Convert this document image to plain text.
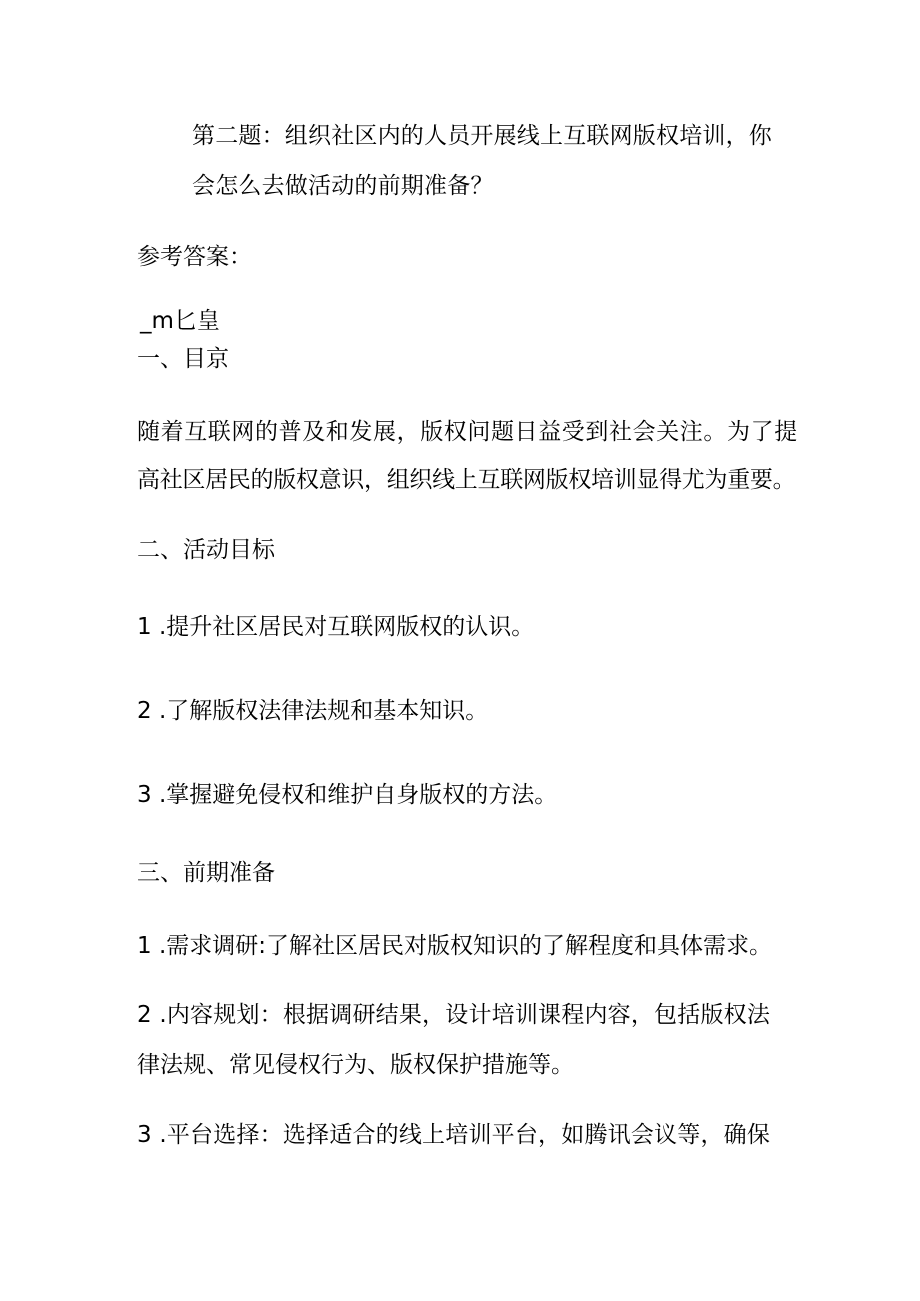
第二题：组织社区内的人员开展线上互联网版权培训，你
会怎么去做活动的前期准备？
参考答案：
_m匕皇
一、目京
随着互联网的普及和发展，版权问题日益受到社会关注。为了提
高社区居民的版权意识，组织线上互联网版权培训显得尤为重要。
二、活动目标
1 .提升社区居民对互联网版权的认识。
2 .了解版权法律法规和基本知识。
3 .掌握避免侵权和维护自身版权的方法。
三、前期准备
1 .需求调研:了解社区居民对版权知识的了解程度和具体需求。
2 .内容规划：根据调研结果，设计培训课程内容，包括版权法
律法规、常见侵权行为、版权保护措施等。
3 .平台选择：选择适合的线上培训平台，如腾讯会议等，确保
